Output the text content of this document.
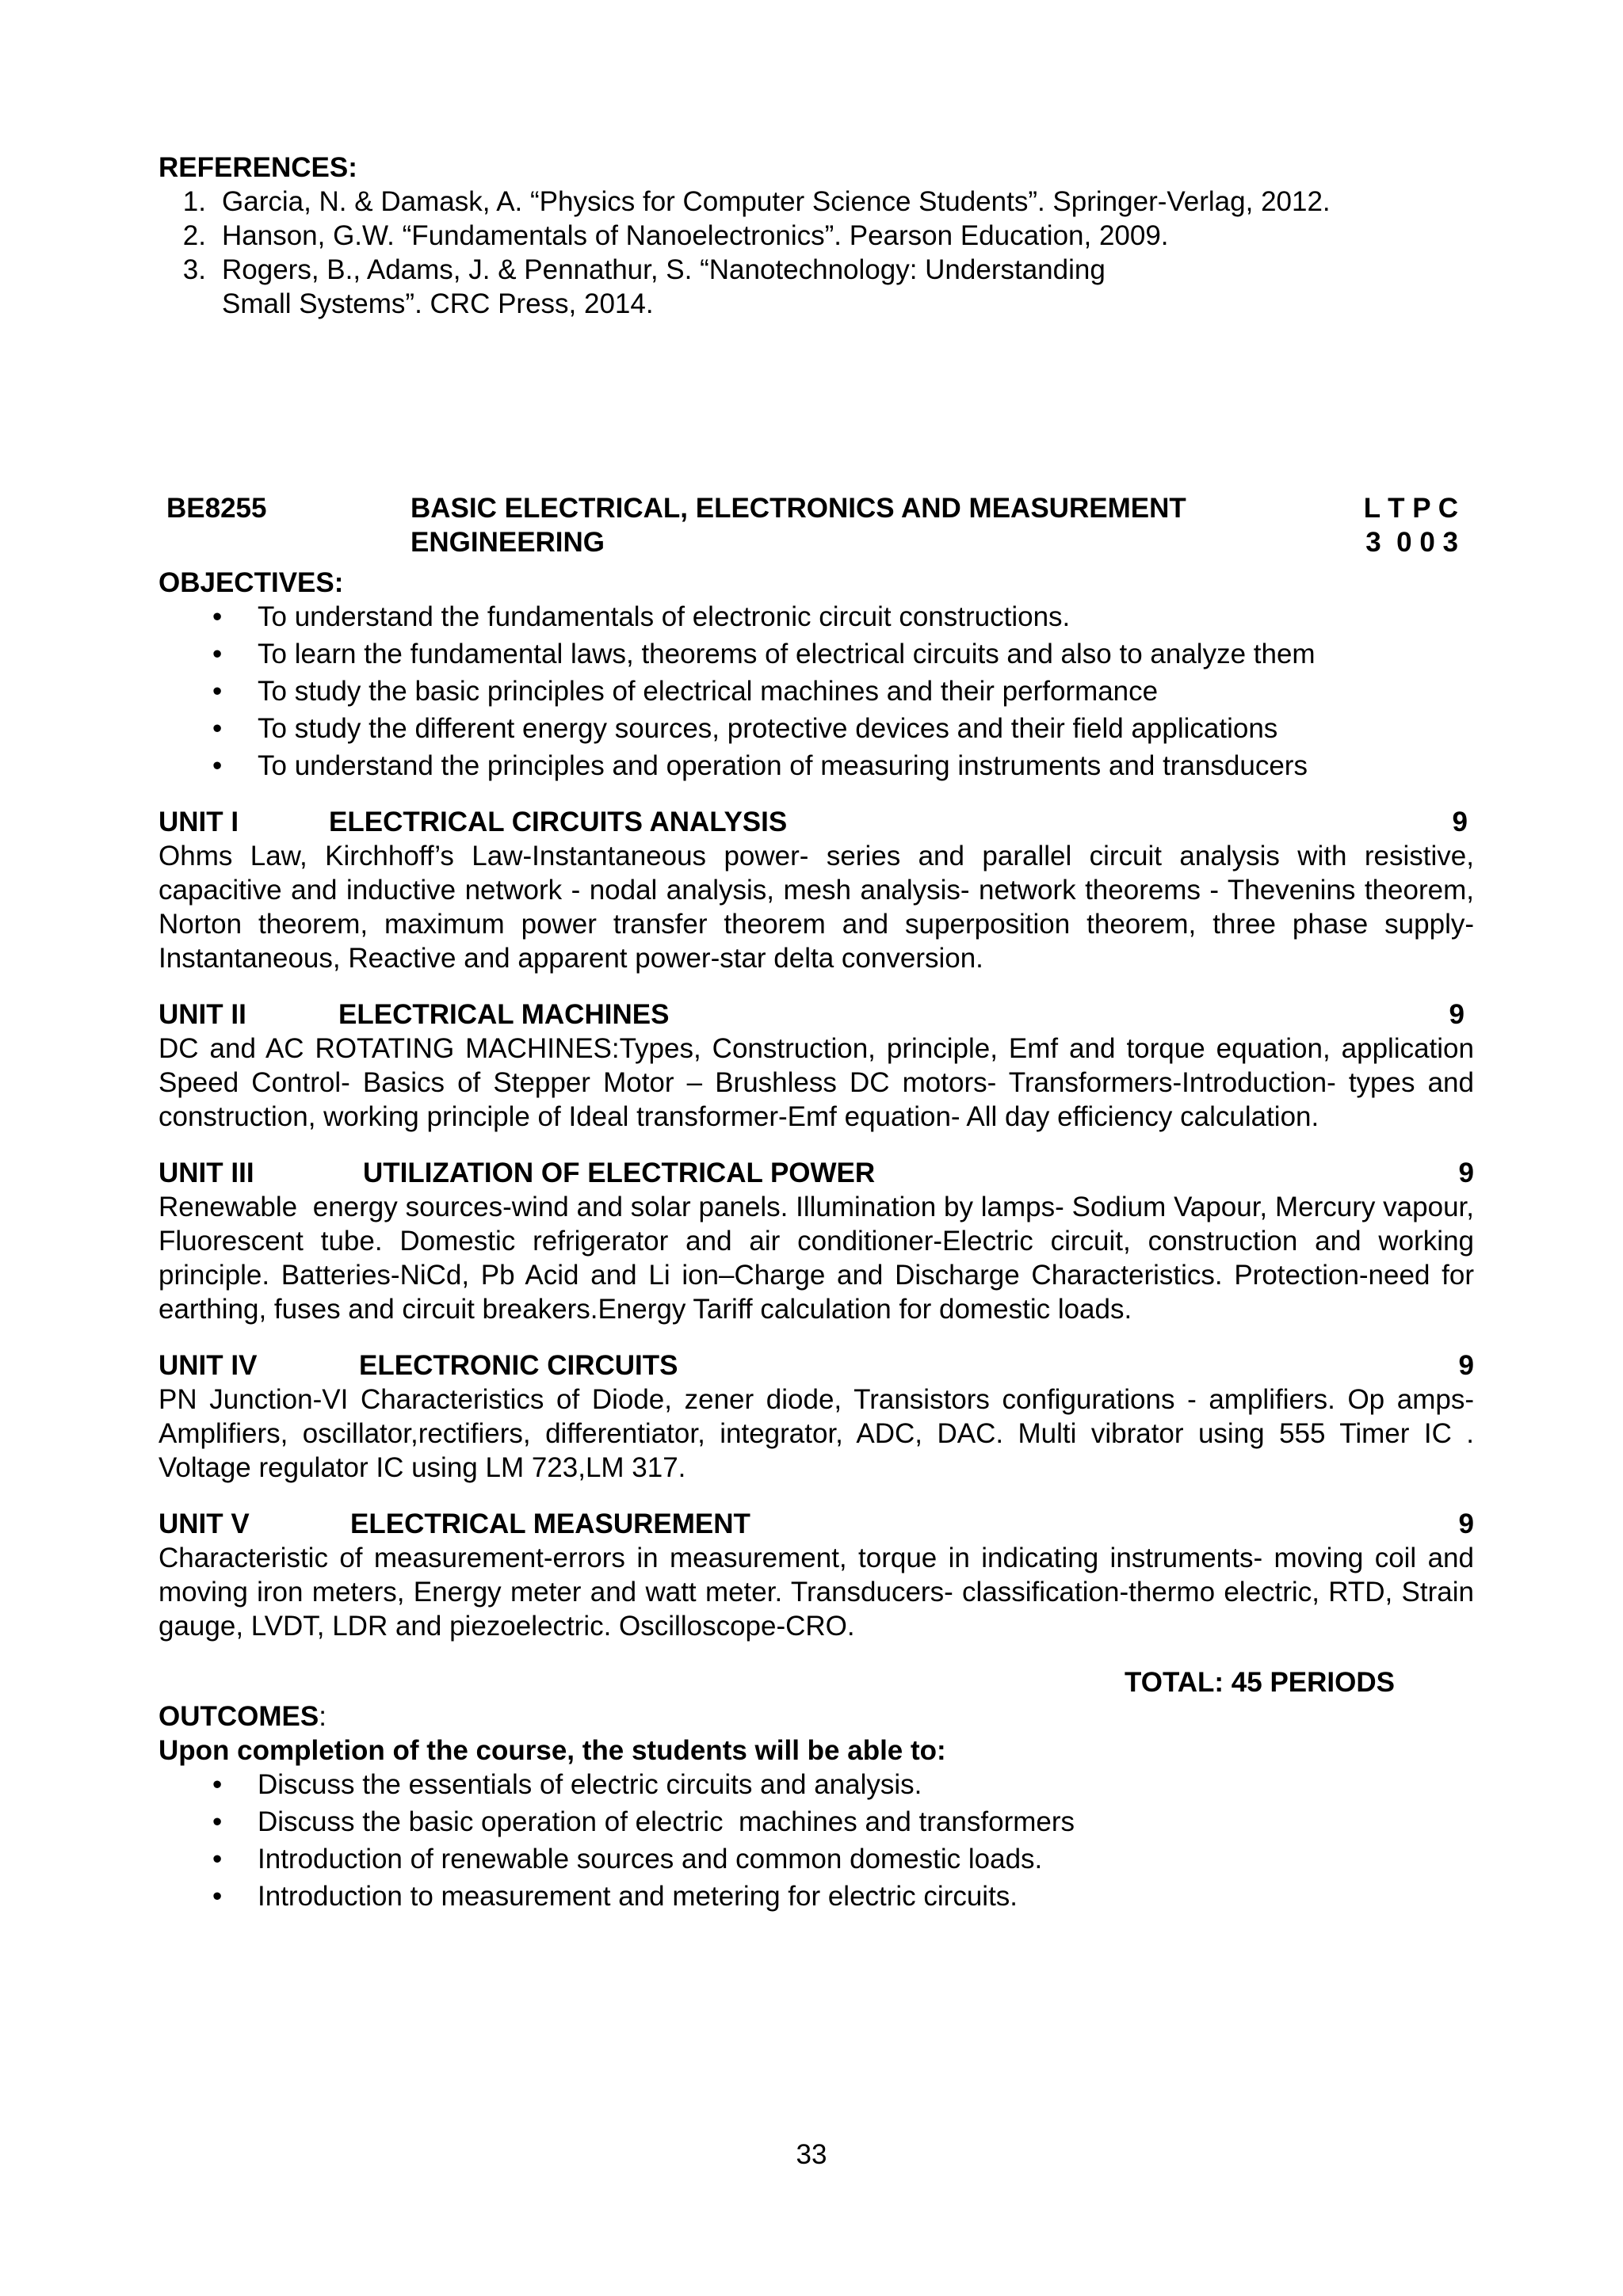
REFERENCES:

1. Garcia, N. & Damask, A. “Physics for Computer Science Students”. Springer-Verlag, 2012.
2. Hanson, G.W. “Fundamentals of Nanoelectronics”. Pearson Education, 2009.
3. Rogers, B., Adams, J. & Pennathur, S. “Nanotechnology: Understanding
Small Systems”. CRC Press, 2014.
BE8255	BASIC ELECTRICAL, ELECTRONICS AND MEASUREMENT
ENGINEERING
L T P C
3  0 0 3
OBJECTIVES:
• To understand the fundamentals of electronic circuit constructions.
• To learn the fundamental laws, theorems of electrical circuits and also to analyze them
• To study the basic principles of electrical machines and their performance
• To study the different energy sources, protective devices and their field applications
• To understand the principles and operation of measuring instruments and transducers
UNIT I	ELECTRICAL CIRCUITS ANALYSIS	9
Ohms Law, Kirchhoff’s Law-Instantaneous power- series and parallel circuit analysis with resistive, capacitive and inductive network - nodal analysis, mesh analysis- network theorems - Thevenins theorem, Norton theorem, maximum power transfer theorem and superposition theorem, three phase supply-Instantaneous, Reactive and apparent power-star delta conversion.
UNIT II	ELECTRICAL MACHINES	9
DC and AC ROTATING MACHINES:Types, Construction, principle, Emf and torque equation, application Speed Control- Basics of Stepper Motor – Brushless DC motors- Transformers-Introduction- types and construction, working principle of Ideal transformer-Emf equation- All day efficiency calculation.
UNIT III	UTILIZATION OF ELECTRICAL POWER	9
Renewable  energy sources-wind and solar panels. Illumination by lamps- Sodium Vapour, Mercury vapour, Fluorescent tube. Domestic refrigerator and air conditioner-Electric circuit, construction and working principle. Batteries-NiCd, Pb Acid and Li ion–Charge and Discharge Characteristics. Protection-need for earthing, fuses and circuit breakers.Energy Tariff calculation for domestic loads.
UNIT IV	ELECTRONIC CIRCUITS	9
PN Junction-VI Characteristics of Diode, zener diode, Transistors configurations - amplifiers. Op amps- Amplifiers, oscillator,rectifiers, differentiator, integrator, ADC, DAC. Multi vibrator using 555 Timer IC . Voltage regulator IC using LM 723,LM 317.
UNIT V	ELECTRICAL MEASUREMENT	9
Characteristic of measurement-errors in measurement, torque in indicating instruments- moving coil and moving iron meters, Energy meter and watt meter. Transducers- classification-thermo electric, RTD, Strain gauge, LVDT, LDR and piezoelectric. Oscilloscope-CRO.
TOTAL: 45 PERIODS
OUTCOMES:
Upon completion of the course, the students will be able to:
• Discuss the essentials of electric circuits and analysis.
• Discuss the basic operation of electric  machines and transformers
• Introduction of renewable sources and common domestic loads.
• Introduction to measurement and metering for electric circuits.
33
